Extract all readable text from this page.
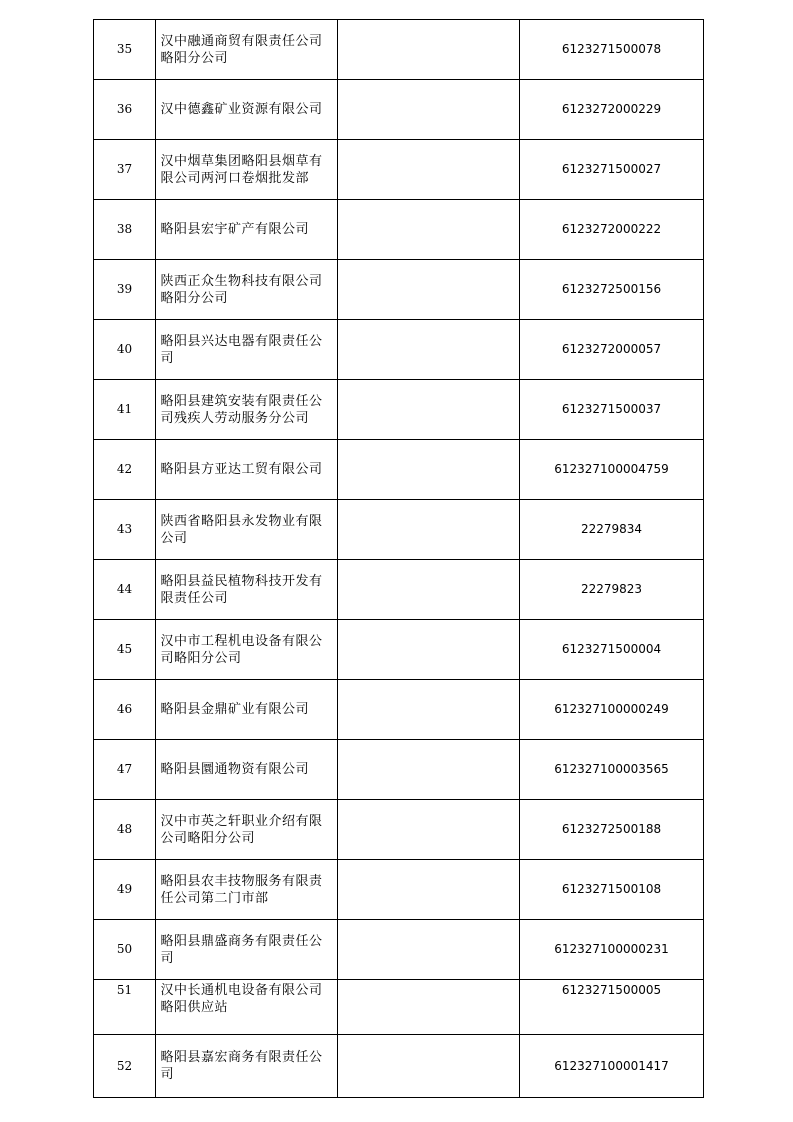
35	汉中融通商贸有限责任公司略阳分公司		6123271500078
36	汉中德鑫矿业资源有限公司		6123272000229
37	汉中烟草集团略阳县烟草有限公司两河口卷烟批发部		6123271500027
38	略阳县宏宇矿产有限公司		6123272000222
39	陕西正众生物科技有限公司略阳分公司		6123272500156
40	略阳县兴达电器有限责任公司		6123272000057
41	略阳县建筑安装有限责任公司残疾人劳动服务分公司		6123271500037
42	略阳县方亚达工贸有限公司		612327100004759
43	陕西省略阳县永发物业有限公司		22279834
44	略阳县益民植物科技开发有限责任公司		22279823
45	汉中市工程机电设备有限公司略阳分公司		6123271500004
46	略阳县金鼎矿业有限公司		612327100000249
47	略阳县圜通物资有限公司		612327100003565
48	汉中市英之轩职业介绍有限公司略阳分公司		6123272500188
49	略阳县农丰技物服务有限责任公司第二门市部		6123271500108
50	略阳县鼎盛商务有限责任公司		612327100000231
51	汉中长通机电设备有限公司略阳供应站		6123271500005
52	略阳县嘉宏商务有限责任公司		612327100001417
